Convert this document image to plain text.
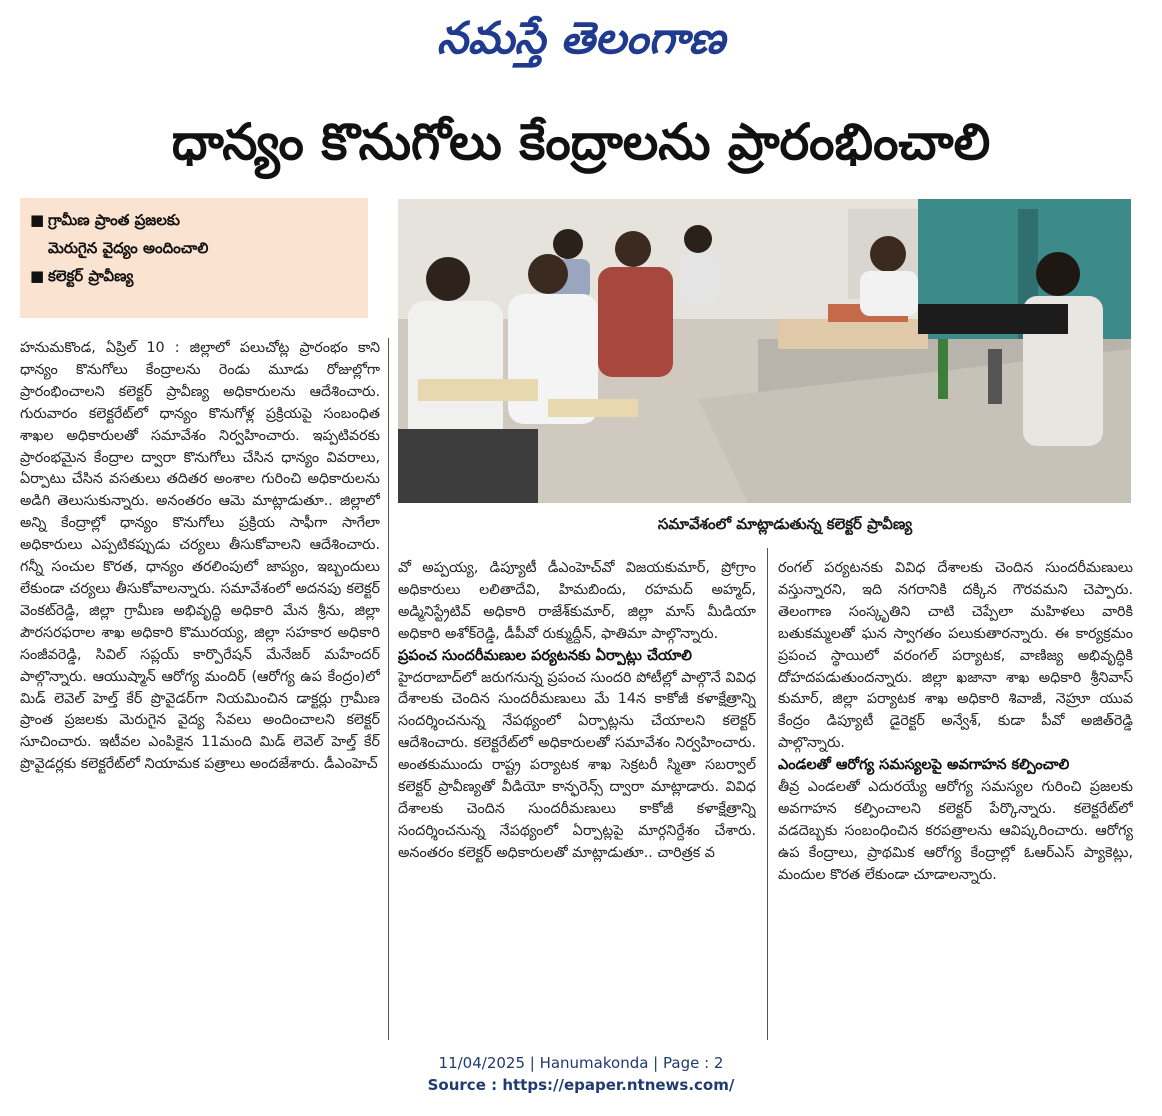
నమస్తే తెలంగాణ
ధాన్యం కొనుగోలు కేంద్రాలను ప్రారంభించాలి
■ గ్రామీణ ప్రాంత ప్రజలకు
మెరుగైన వైద్యం అందించాలి
■ కలెక్టర్ ప్రావీణ్య
సమావేశంలో మాట్లాడుతున్న కలెక్టర్ ప్రావీణ్య

హనుమకొండ, ఏప్రిల్ 10 : జిల్లాలో పలుచోట్ల ప్రారంభం కాని ధాన్యం కొనుగోలు కేంద్రాలను రెండు మూడు రోజుల్లోగా ప్రారంభించాలని కలెక్టర్ ప్రావీణ్య అధికారులను ఆదేశించారు. గురువారం కలెక్టరేట్‌లో ధాన్యం కొనుగోళ్ల ప్రక్రియపై సంబంధిత శాఖల అధికారులతో సమావేశం నిర్వహించారు. ఇప్పటివరకు ప్రారంభమైన కేంద్రాల ద్వారా కొనుగోలు చేసిన ధాన్యం వివరాలు, ఏర్పాటు చేసిన వసతులు తదితర అంశాల గురించి అధికారులను అడిగి తెలుసుకున్నారు. అనంతరం ఆమె మాట్లాడుతూ.. జిల్లాలో అన్ని కేంద్రాల్లో ధాన్యం కొనుగోలు ప్రక్రియ సాఫీగా సాగేలా అధికారులు ఎప్పటికప్పుడు చర్యలు తీసుకోవాలని ఆదేశించారు. గన్నీ సంచుల కొరత, ధాన్యం తరలింపులో జాప్యం, ఇబ్బందులు లేకుండా చర్యలు తీసుకోవాలన్నారు. సమావేశంలో అదనపు కలెక్టర్ వెంకట్‌రెడ్డి, జిల్లా గ్రామీణ అభివృద్ధి అధికారి మేన శ్రీను, జిల్లా పౌరసరఫరాల శాఖ అధికారి కొమురయ్య, జిల్లా సహకార అధికారి సంజీవరెడ్డి, సివిల్ సప్లయ్ కార్పొరేషన్ మేనేజర్ మహేందర్ పాల్గొన్నారు. ఆయుష్మాన్ ఆరోగ్య మందిర్ (ఆరోగ్య ఉప కేంద్రం)లో మిడ్ లెవెల్ హెల్త్ కేర్ ప్రొవైడర్‌గా నియమించిన డాక్టర్లు గ్రామీణ ప్రాంత ప్రజలకు మెరుగైన వైద్య సేవలు అందించాలని కలెక్టర్ సూచించారు. ఇటీవల ఎంపికైన 11మంది మిడ్ లెవెల్ హెల్త్ కేర్ ప్రొవైడర్లకు కలెక్టరేట్‌లో నియామక పత్రాలు అందజేశారు. డీఎంహెచ్

వో అప్పయ్య, డిప్యూటీ డీఎంహెచ్‌వో విజయకుమార్, ప్రోగ్రాం అధికారులు లలితాదేవి, హిమబిందు, రహమద్ అహ్మద్, అడ్మినిస్ట్రేటివ్ అధికారి రాజేశ్‌కుమార్, జిల్లా మాస్ మీడియా అధికారి అశోక్‌రెడ్డి, డీపీవో రుక్ముద్దీన్, ఫాతిమా పాల్గొన్నారు.

ప్రపంచ సుందరీమణుల పర్యటనకు ఏర్పాట్లు చేయాలి

హైదరాబాద్‌లో జరుగనున్న ప్రపంచ సుందరి పోటీల్లో పాల్గొనే వివిధ దేశాలకు చెందిన సుందరీమణులు మే 14న కాకోజీ కళాక్షేత్రాన్ని సందర్శించనున్న నేపథ్యంలో ఏర్పాట్లను చేయాలని కలెక్టర్ ఆదేశించారు. కలెక్టరేట్‌లో అధికారులతో సమావేశం నిర్వహించారు. అంతకుముందు రాష్ట్ర పర్యాటక శాఖ సెక్రటరీ స్మితా సబర్వాల్ కలెక్టర్ ప్రావీణ్యతో వీడియో కాన్ఫరెన్స్ ద్వారా మాట్లాడారు. వివిధ దేశాలకు చెందిన సుందరీమణులు కాకోజీ కళాక్షేత్రాన్ని సందర్శించనున్న నేపథ్యంలో ఏర్పాట్లపై మార్గనిర్దేశం చేశారు. అనంతరం కలెక్టర్ అధికారులతో మాట్లాడుతూ.. చారిత్రక వ

రంగల్ పర్యటనకు వివిధ దేశాలకు చెందిన సుందరీమణులు వస్తున్నారని, ఇది నగరానికి దక్కిన గౌరవమని చెప్పారు. తెలంగాణ సంస్కృతిని చాటి చెప్పేలా మహిళలు వారికి బతుకమ్మలతో ఘన స్వాగతం పలుకుతారన్నారు. ఈ కార్యక్రమం ప్రపంచ స్థాయిలో వరంగల్ పర్యాటక, వాణిజ్య అభివృద్ధికి దోహదపడుతుందన్నారు. జిల్లా ఖజానా శాఖ అధికారి శ్రీనివాస్ కుమార్, జిల్లా పర్యాటక శాఖ అధికారి శివాజీ, నెహ్రూ యువ కేంద్రం డిప్యూటీ డైరెక్టర్ అన్వేశ్, కుడా పీవో అజిత్‌రెడ్డి పాల్గొన్నారు.

ఎండలతో ఆరోగ్య సమస్యలపై అవగాహన కల్పించాలి

తీవ్ర ఎండలతో ఎదురయ్యే ఆరోగ్య సమస్యల గురించి ప్రజలకు అవగాహన కల్పించాలని కలెక్టర్ పేర్కొన్నారు. కలెక్టరేట్‌లో వడదెబ్బకు సంబంధించిన కరపత్రాలను ఆవిష్కరించారు. ఆరోగ్య ఉప కేంద్రాలు, ప్రాథమిక ఆరోగ్య కేంద్రాల్లో ఓఆర్ఎస్ ప్యాకెట్లు, మందుల కొరత లేకుండా చూడాలన్నారు.

11/04/2025 | Hanumakonda | Page : 2
Source : https://epaper.ntnews.com/
